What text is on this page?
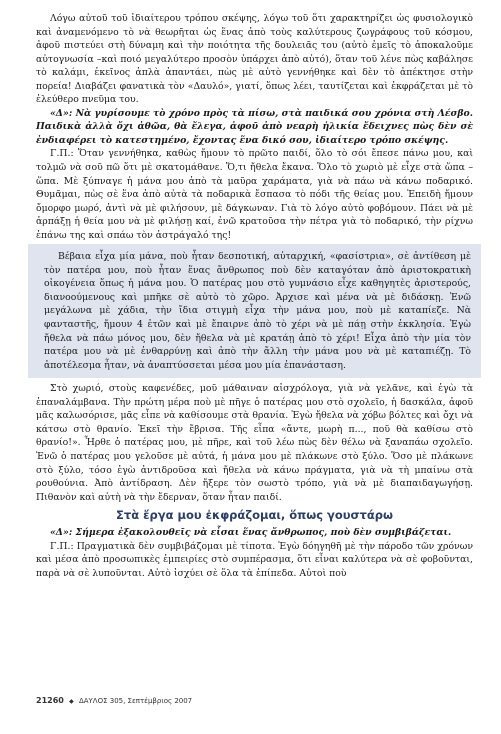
Λόγω αὐτοῦ τοῦ ἰδιαίτερου τρόπου σκέψης, λόγω τοῦ ὅτι χαρακτηρίζει ὡς φυσιολογικὸ καὶ ἀναμενόμενο τὸ νὰ θεωρῆται ὡς ἕνας ἀπὸ τοὺς καλύτερους ζωγράφους τοῦ κόσμου, ἀφοῦ πιστεύει στὴ δύναμη καὶ τὴν ποιότητα τῆς δουλειᾶς του (αὐτὸ ἐμεῖς τὸ ἀποκαλοῦμε αὐτογνωσία –καὶ ποιό μεγαλύτερο προσὸν ὑπάρχει ἀπὸ αὐτό), ὅταν τοῦ λένε πὼς καβάλησε τὸ καλάμι, ἐκεῖνος ἁπλὰ ἀπαντάει, πὼς μὲ αὐτὸ γεννήθηκε καὶ δὲν τὸ ἀπέκτησε στὴν πορεία! Διαβάζει φανατικὰ τὸν «Δαυλό», γιατί, ὅπως λέει, ταυτίζεται καὶ ἐκφράζεται μὲ τὸ ἐλεύθερο πνεῦμα του.

«Δ»: Νὰ γυρίσουμε τὸ χρόνο πρὸς τὰ πίσω, στὰ παιδικά σου χρόνια στὴ Λέσβο. Παιδικὰ ἀλλὰ ὄχι ἀθῶα, θὰ ἔλεγα, ἀφοῦ ἀπὸ νεαρὴ ἡλικία ἔδειχνες πὼς δὲν σὲ ἐνδιαφέρει τὸ κατεστημένο, ἔχοντας ἕνα δικό σου, ἰδιαίτερο τρόπο σκέψης.

Γ.Π.: Ὅταν γεννήθηκα, καθὼς ἤμουν τὸ πρῶτο παιδί, ὅλο τὸ σόι ἔπεσε πάνω μου, καὶ τολμῶ νὰ σοῦ πῶ ὅτι μὲ σκατομάθανε. Ὅ,τι ἤθελα ἔκανα. Ὅλο τὸ χωριὸ μὲ εἶχε στὰ ὥπα – ὥπα. Μὲ ξύπναγε ἡ μάνα μου ἀπὸ τὰ μαῦρα χαράματα, γιὰ νὰ πάω νὰ κάνω ποδαρικό. Θυμᾶμαι, πὼς σὲ ἕνα ἀπὸ αὐτὰ τὰ ποδαρικὰ ἔσπασα τὸ πόδι τῆς θείας μου. Ἐπειδὴ ἤμουν ὄμορφο μωρό, ἀντὶ νὰ μὲ φιλήσουν, μὲ δάγκωναν. Γιὰ τὸ λόγο αὐτὸ φοβόμουν. Πάει νὰ μὲ ἁρπάξῃ ἡ θεία μου νὰ μὲ φιλήσῃ καί, ἐνῶ κρατοῦσα τὴν πέτρα γιὰ τὸ ποδαρικό, τὴν ρίχνω ἐπάνω της καὶ σπάω τὸν ἀστράγαλό της!

Βέβαια εἶχα μία μάνα, ποὺ ἦταν δεσποτική, αὐταρχική, «φασίστρια», σὲ ἀντίθεση μὲ τὸν πατέρα μου, ποὺ ἦταν ἕνας ἄνθρωπος ποὺ δὲν καταγόταν ἀπὸ ἀριστοκρατικὴ οἰκογένεια ὅπως ἡ μάνα μου. Ὁ πατέρας μου στὸ γυμνάσιο εἶχε καθηγητὲς ἀριστερούς, διανοούμενους καὶ μπῆκε σὲ αὐτὸ τὸ χῶρο. Ἀρχισε καὶ μένα νὰ μὲ διδάσκῃ. Ἐνῶ μεγάλωνα μὲ χάδια, τὴν ἴδια στιγμὴ εἶχα τὴν μάνα μου, ποὺ μὲ καταπίεζε. Νὰ φανταστῆς, ἤμουν 4 ἐτῶν καὶ μὲ ἔπαιρνε ἀπὸ τὸ χέρι νὰ μὲ πάῃ στὴν ἐκκλησία. Ἐγὼ ἤθελα νὰ πάω μόνος μου, δὲν ἤθελα νὰ μὲ κρατάῃ ἀπὸ τὸ χέρι! Εἶχα ἀπὸ τὴν μία τὸν πατέρα μου νὰ μὲ ἐνθαρρύνῃ καὶ ἀπὸ τὴν ἄλλη τὴν μάνα μου νὰ μὲ καταπιέζῃ. Τὸ ἀποτέλεσμα ἦταν, νὰ ἀναπτύσσεται μέσα μου μία ἐπανάσταση.

Στὸ χωριό, στοὺς καφενέδες, μοῦ μάθαιναν αἰσχρόλογα, γιὰ νὰ γελᾶνε, καὶ ἐγὼ τὰ ἐπαναλάμβανα. Τὴν πρώτη μέρα ποὺ μὲ πῆγε ὁ πατέρας μου στὸ σχολεῖο, ἡ δασκάλα, ἀφοῦ μᾶς καλωσόρισε, μᾶς εἶπε νὰ καθίσουμε στὰ θρανία. Ἐγὼ ἤθελα νὰ χόβω βόλτες καὶ ὄχι νὰ κάτσω στὸ θρανίο. Ἐκεῖ τὴν ἔβρισα. Τῆς εἶπα «ἄντε, μωρὴ π..., ποῦ θὰ καθίσω στὸ θρανίο!». Ἦρθε ὁ πατέρας μου, μὲ πῆρε, καὶ τοῦ λέω πὼς δὲν θέλω νὰ ξαναπάω σχολεῖο. Ἐνῶ ὁ πατέρας μου γελοῦσε μὲ αὐτά, ἡ μάνα μου μὲ πλάκωνε στὸ ξύλο. Ὅσο μὲ πλάκωνε στὸ ξύλο, τόσο ἐγὼ ἀντιδροῦσα καὶ ἤθελα νὰ κάνω πράγματα, γιὰ νὰ τὴ μπαίνω στὰ ρουθούνια. Ἀπὸ ἀντίδραση. Δὲν ἤξερε τὸν σωστὸ τρόπο, γιὰ νὰ μὲ διαπαιδαγωγήσῃ. Πιθανὸν καὶ αὐτὴ νὰ τὴν ἔδερναν, ὅταν ἦταν παιδί.

Στὰ ἔργα μου ἐκφράζομαι, ὅπως γουστάρω

«Δ»: Σήμερα ἐξακολουθεῖς νὰ εἶσαι ἕνας ἄνθρωπος, ποὺ δὲν συμβιβάζεται.

Γ.Π.: Πραγματικὰ δὲν συμβιβάζομαι μὲ τίποτα. Ἐγὼ δόηγηθῆ μὲ τὴν πάροδο τῶν χρόνων καὶ μέσα ἀπὸ προσωπικὲς ἐμπειρίες στὸ συμπέρασμα, ὅτι εἶναι καλύτερα νὰ σὲ φοβοῦνται, παρὰ νὰ σὲ λυποῦνται. Αὐτὸ ἰσχύει σὲ ὅλα τὰ ἐπίπεδα. Αὐτοὶ ποὺ

21260 ◆ ΔΑΥΛΟΣ 305, Σεπτέμβριος 2007
